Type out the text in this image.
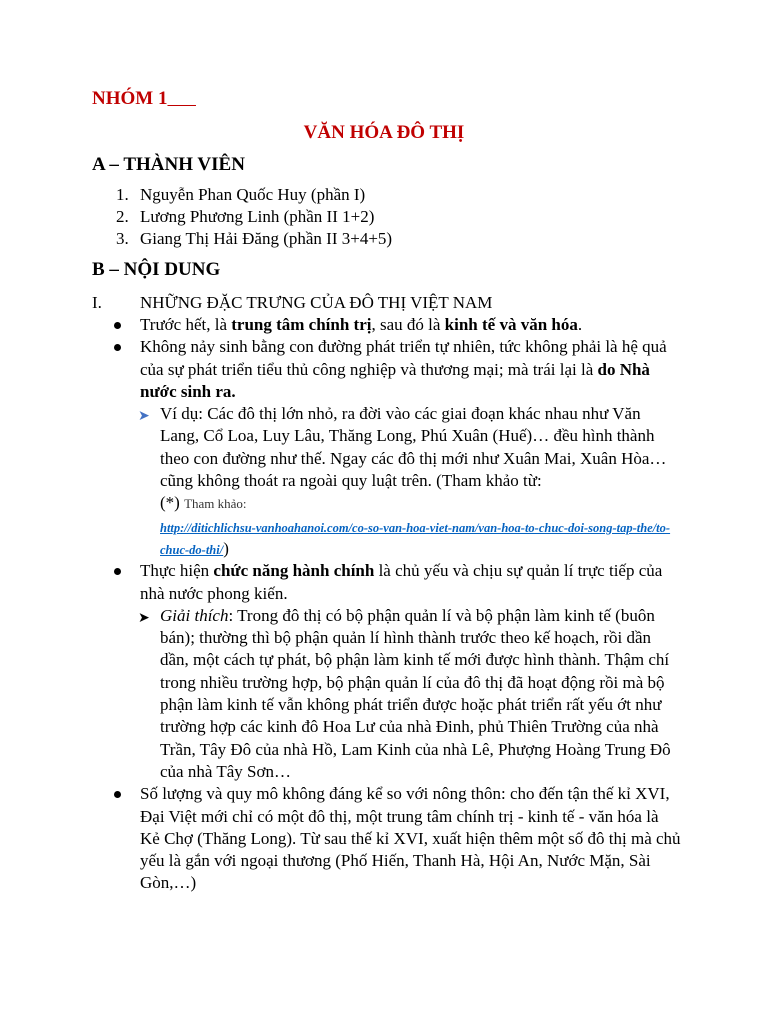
NHÓM 1
VĂN HÓA ĐÔ THỊ
A – THÀNH VIÊN
1. Nguyễn Phan Quốc Huy (phần I)
2. Lương Phương Linh (phần II 1+2)
3. Giang Thị Hải Đăng (phần II 3+4+5)
B – NỘI DUNG
I. NHỮNG ĐẶC TRƯNG CỦA ĐÔ THỊ VIỆT NAM
Trước hết, là trung tâm chính trị, sau đó là kinh tế và văn hóa.
Không nảy sinh bằng con đường phát triển tự nhiên, tức không phải là hệ quả của sự phát triển tiểu thủ công nghiệp và thương mại; mà trái lại là do Nhà nước sinh ra.
➤ Ví dụ: Các đô thị lớn nhỏ, ra đời vào các giai đoạn khác nhau như Văn Lang, Cổ Loa, Luy Lâu, Thăng Long, Phú Xuân (Huế)… đều hình thành theo con đường như thế. Ngay các đô thị mới như Xuân Mai, Xuân Hòa… cũng không thoát ra ngoài quy luật trên. (Tham khảo từ:
(*) Tham khảo:
http://ditichlichsu-vanhoahanoi.com/co-so-van-hoa-viet-nam/van-hoa-to-chuc-doi-song-tap-the/to-chuc-do-thi/)
Thực hiện chức năng hành chính là chủ yếu và chịu sự quản lí trực tiếp của nhà nước phong kiến.
➤ Giải thích: Trong đô thị có bộ phận quản lí và bộ phận làm kinh tế (buôn bán); thường thì bộ phận quản lí hình thành trước theo kế hoạch, rồi dần dần, một cách tự phát, bộ phận làm kinh tế mới được hình thành. Thậm chí trong nhiều trường hợp, bộ phận quản lí của đô thị đã hoạt động rồi mà bộ phận làm kinh tế vẫn không phát triển được hoặc phát triển rất yếu ớt như trường hợp các kinh đô Hoa Lư của nhà Đinh, phủ Thiên Trường của nhà Trần, Tây Đô của nhà Hồ, Lam Kinh của nhà Lê, Phượng Hoàng Trung Đô của nhà Tây Sơn…
Số lượng và quy mô không đáng kể so với nông thôn: cho đến tận thế kỉ XVI, Đại Việt mới chỉ có một đô thị, một trung tâm chính trị - kinh tế - văn hóa là Kẻ Chợ (Thăng Long). Từ sau thế kỉ XVI, xuất hiện thêm một số đô thị mà chủ yếu là gắn với ngoại thương (Phố Hiến, Thanh Hà, Hội An, Nước Mặn, Sài Gòn,…)
